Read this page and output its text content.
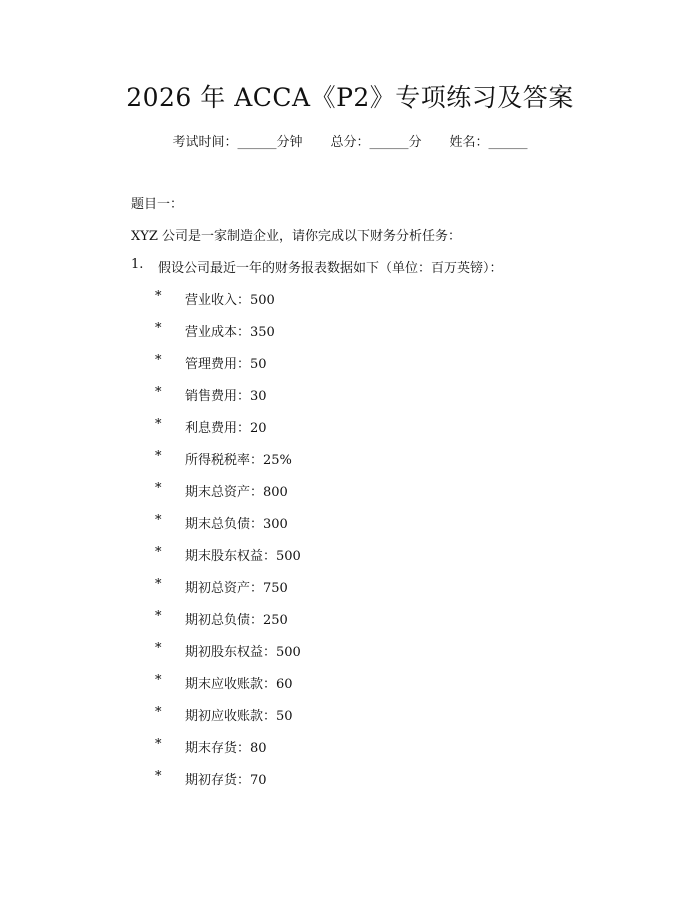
2026 年 ACCA《P2》专项练习及答案
考试时间：______分钟 总分：______分 姓名：______
题目一：
XYZ 公司是一家制造企业，请你完成以下财务分析任务：
1.	假设公司最近一年的财务报表数据如下（单位：百万英镑）：
*	营业收入：500
*	营业成本：350
*	管理费用：50
*	销售费用：30
*	利息费用：20
*	所得税税率：25%
*	期末总资产：800
*	期末总负债：300
*	期末股东权益：500
*	期初总资产：750
*	期初总负债：250
*	期初股东权益：500
*	期末应收账款：60
*	期初应收账款：50
*	期末存货：80
*	期初存货：70
